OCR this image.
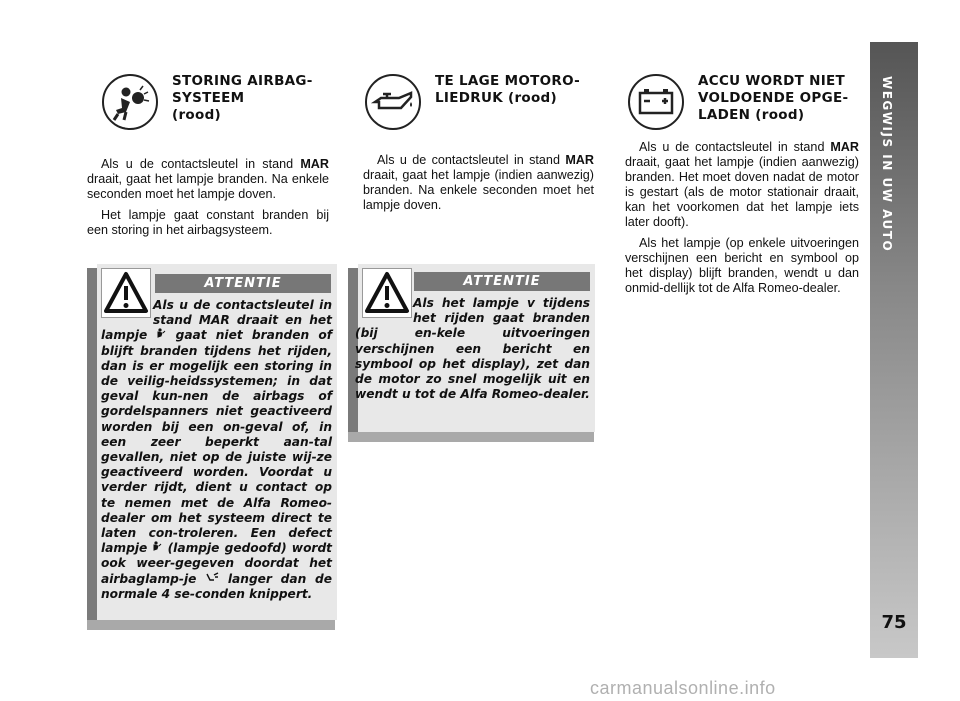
WEGWIJS IN UW AUTO
75
STORING AIRBAG-
SYSTEEM
(rood)

Als u de contactsleutel in stand MAR draait, gaat het lampje branden. Na enkele seconden moet het lampje doven.

Het lampje gaat constant branden bij een storing in het airbagsysteem.

TE LAGE MOTORO-
LIEDRUK (rood)

Als u de contactsleutel in stand MAR draait, gaat het lampje (indien aanwezig) branden. Na enkele seconden moet het lampje doven.

ACCU WORDT NIET
VOLDOENDE OPGE-
LADEN (rood)

Als u de contactsleutel in stand MAR draait, gaat het lampje (indien aanwezig) branden. Het moet doven nadat de motor is gestart (als de motor stationair draait, kan het voorkomen dat het lampje iets later dooft).

Als het lampje (op enkele uitvoeringen verschijnen een bericht en symbool op het display) blijft branden, wendt u dan onmid-dellijk tot de Alfa Romeo-dealer.

ATTENTIE
Als u de contactsleutel in stand MAR draait en het lampje  gaat niet branden of blijft branden tijdens het rijden, dan is er mogelijk een storing in de veilig-heidssystemen; in dat geval kun-nen de airbags of gordelspanners niet geactiveerd worden bij een on-geval of, in een zeer beperkt aan-tal gevallen, niet op de juiste wij-ze geactiveerd worden. Voordat u verder rijdt, dient u contact op te nemen met de Alfa Romeo-dealer om het systeem direct te laten con-troleren. Een defect lampje  (lampje gedoofd) wordt ook weer-gegeven doordat het airbaglamp-je  langer dan de normale 4 se-conden knippert.
ATTENTIE
Als het lampje v tijdens het rijden gaat branden (bij en-kele uitvoeringen verschijnen een bericht en symbool op het display), zet dan de motor zo snel mogelijk uit en wendt u tot de Alfa Romeo-dealer.
carmanualsonline.info
